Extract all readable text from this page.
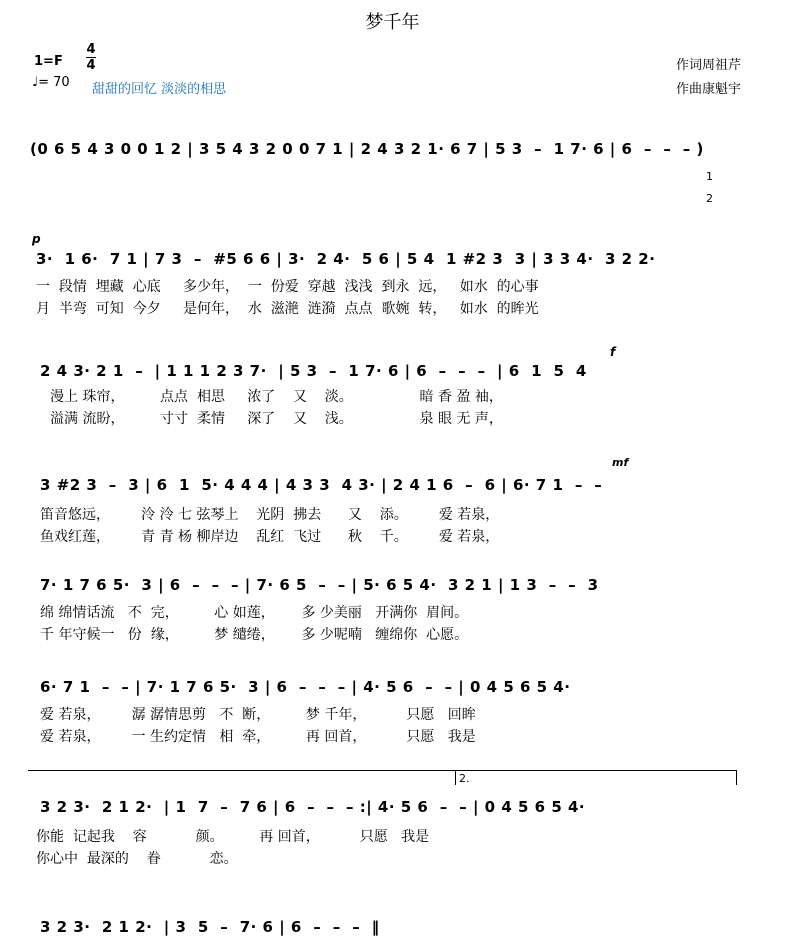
梦千年
1=F
4
4
♩= 70 甜甜的回忆 淡淡的相思
作词周祖芹
作曲康魁宇
(0 6 5 4 3 0 0 1 2 | 3 5 4 3 2 0 0 7 1 | 2 4 3 2 1· 6 7 | 5 3  –  1 7· 6 | 6  –  –  – )
1
2
p
3·  1 6·  7 1 | 7 3  –  #5 6 6 | 3·  2 4·  5 6 | 5 4  1 #2 3  3 | 3 3 4·  3 2 2·
一  段情  埋藏  心底     多少年，  一  份爱  穿越  浅浅  到永  远，   如水  的心事
月  半弯  可知  今夕     是何年，  水  滋滟  涟漪  点点  歌婉  转，   如水  的眸光
f
2 4 3· 2 1  –  | 1 1 1 2 3 7·  | 5 3  –  1 7· 6 | 6  –  –  –  | 6  1  5  4
漫上 珠帘，        点点  相思     浓了    又    淡。               暗 香 盈 袖，
溢满 流盼，        寸寸  柔情     深了    又    浅。               泉 眼 无 声，
mf
3 #2 3  –  3 | 6  1  5· 4 4 4 | 4 3 3  4 3· | 2 4 1 6  –  6 | 6· 7 1  –  –
笛音悠远，       泠 泠 七 弦琴上    光阴  拂去      又    添。       爱 若泉，
鱼戏红莲，       青 青 杨 柳岸边    乱红  飞过      秋    千。       爱 若泉，
7· 1 7 6 5·  3 | 6  –  –  – | 7· 6 5  –  – | 5· 6 5 4·  3 2 1 | 1 3  –  –  3
绵 绵情话流   不  完，        心 如莲，      多 少美丽   开满你  眉间。
千 年守候一   份  缘，        梦 缱绻，      多 少呢喃   缠绵你  心愿。
6· 7 1  –  – | 7· 1 7 6 5·  3 | 6  –  –  – | 4· 5 6  –  – | 0 4 5 6 5 4·
爱 若泉，       潺 潺情思剪   不  断，        梦 千年，         只愿   回眸
爱 若泉，       一 生约定情   相  牵，        再 回首，         只愿   我是
2.
3 2 3·  2 1 2·  | 1  7  –  7 6 | 6  –  –  – :| 4· 5 6  –  – | 0 4 5 6 5 4·
你能  记起我    容           颜。        再 回首，         只愿   我是
你心中  最深的    眷           恋。
3 2 3·  2 1 2·  | 3  5  –  7· 6 | 6  –  –  –  ‖
